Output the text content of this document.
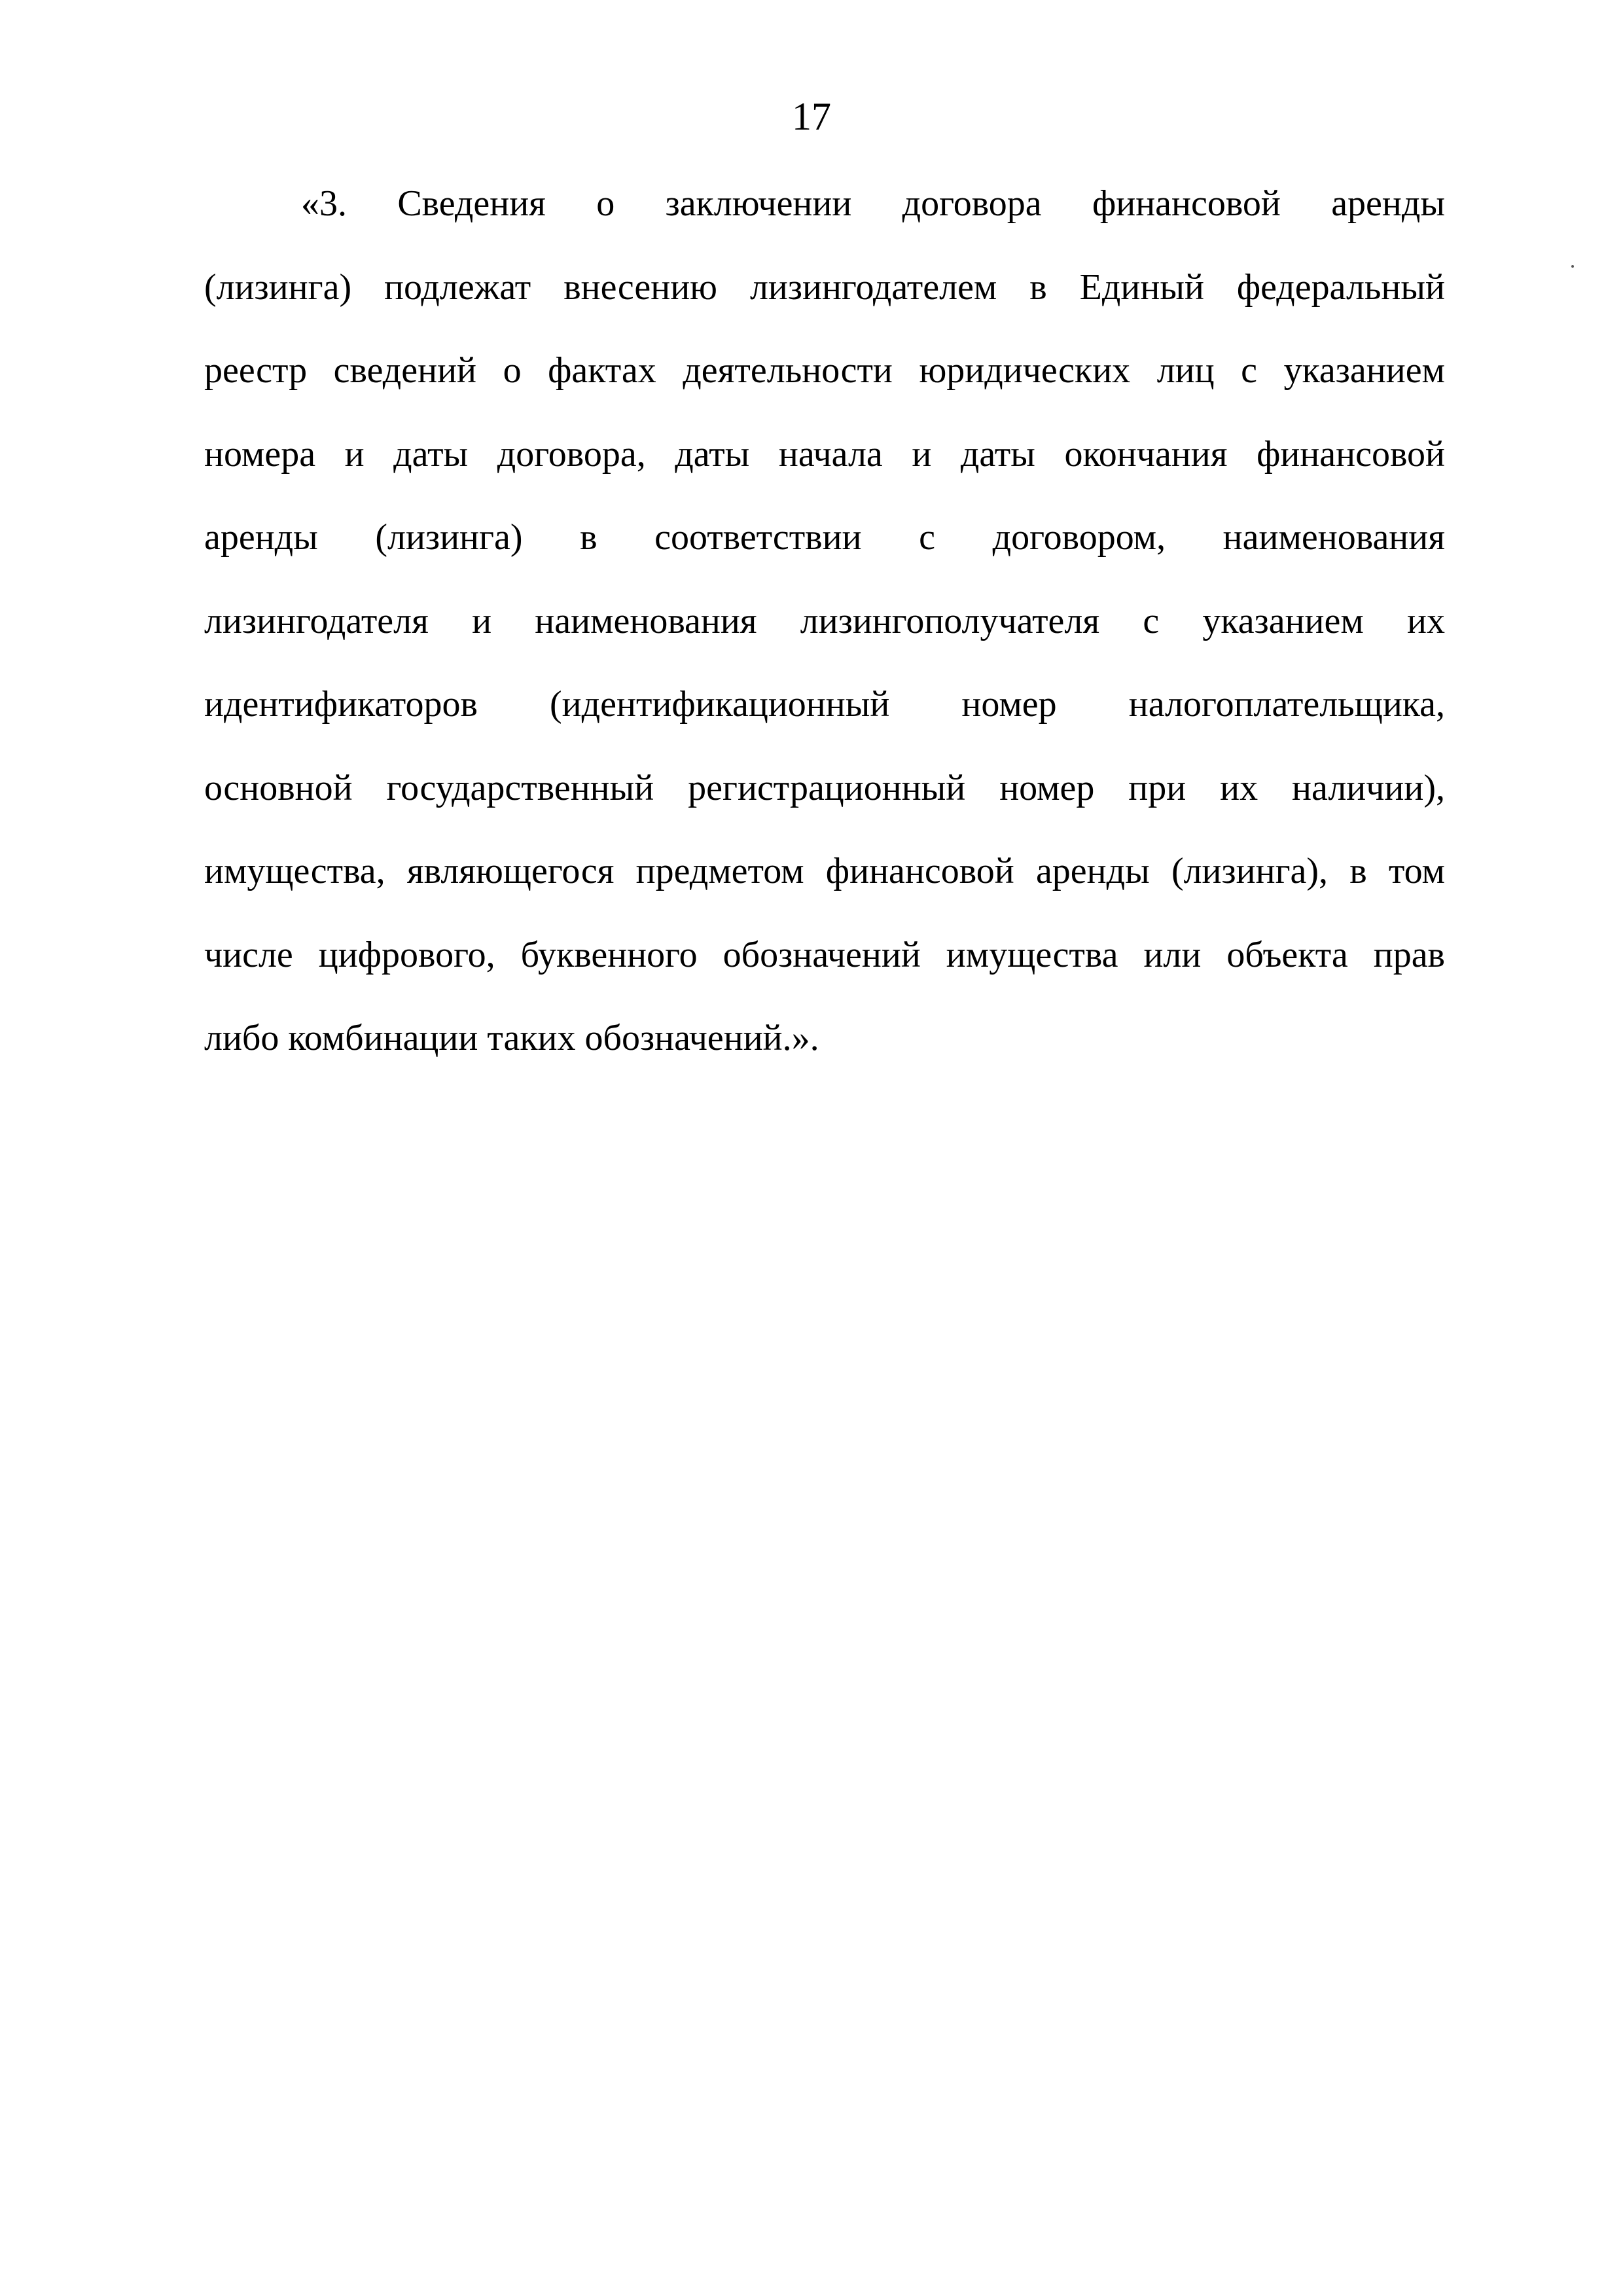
17
«3. Сведения о заключении договора финансовой аренды
(лизинга) подлежат внесению лизингодателем в Единый федеральный
реестр сведений о фактах деятельности юридических лиц с указанием
номера и даты договора, даты начала и даты окончания финансовой
аренды (лизинга) в соответствии с договором, наименования
лизингодателя и наименования лизингополучателя с указанием их
идентификаторов (идентификационный номер налогоплательщика,
основной государственный регистрационный номер при их наличии),
имущества, являющегося предметом финансовой аренды (лизинга), в том
числе цифрового, буквенного обозначений имущества или объекта прав
либо комбинации таких обозначений.».
